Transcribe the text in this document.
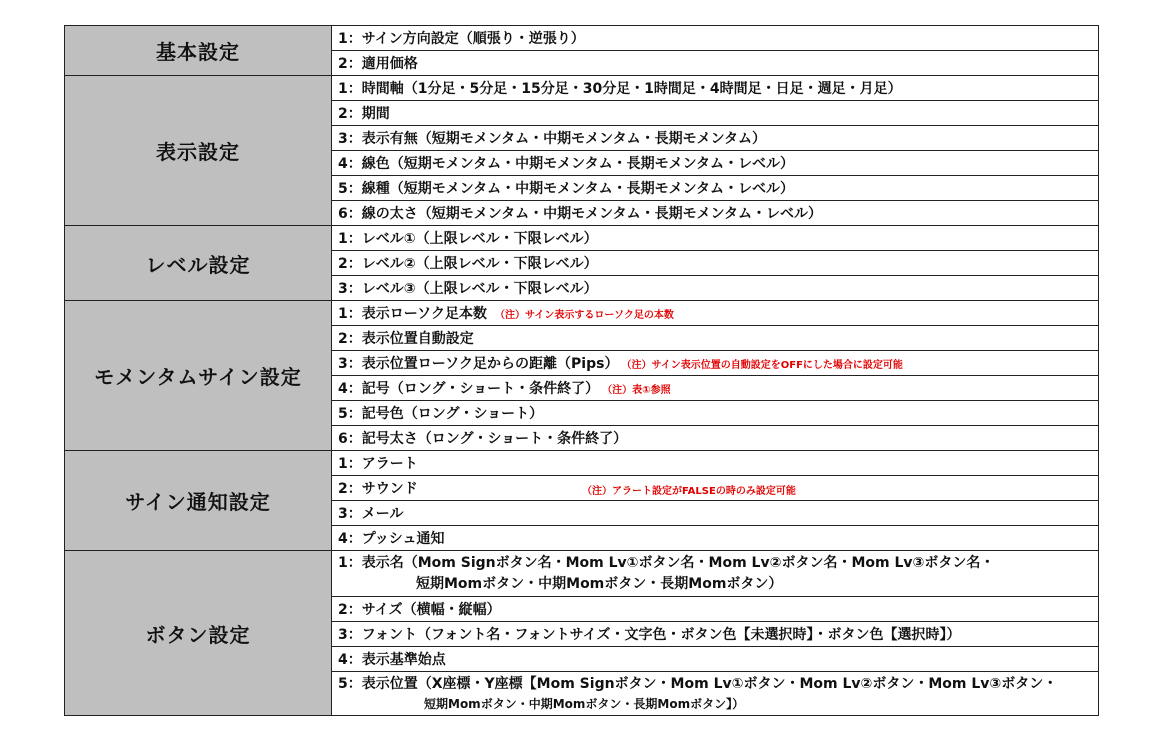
基本設定	1：サイン方向設定（順張り・逆張り）
	2：適用価格
表示設定	1：時間軸（1分足・5分足・15分足・30分足・1時間足・4時間足・日足・週足・月足）
	2：期間
	3：表示有無（短期モメンタム・中期モメンタム・長期モメンタム）
	4：線色（短期モメンタム・中期モメンタム・長期モメンタム・レベル）
	5：線種（短期モメンタム・中期モメンタム・長期モメンタム・レベル）
	6：線の太さ（短期モメンタム・中期モメンタム・長期モメンタム・レベル）
レベル設定	1：レベル①（上限レベル・下限レベル）
	2：レベル②（上限レベル・下限レベル）
	3：レベル③（上限レベル・下限レベル）
モメンタムサイン設定	1：表示ローソク足本数 （注）サイン表示するローソク足の本数
	2：表示位置自動設定
	3：表示位置ローソク足からの距離（Pips） （注）サイン表示位置の自動設定をOFFにした場合に設定可能
	4：記号（ロング・ショート・条件終了） （注）表①参照
	5：記号色（ロング・ショート）
	6：記号太さ（ロング・ショート・条件終了）
サイン通知設定	1：アラート
	2：サウンド （注）アラート設定がFALSEの時のみ設定可能

	3：メール
	4：プッシュ通知
ボタン設定	1：表示名（Mom Signボタン名・Mom Lv①ボタン名・Mom Lv②ボタン名・Mom Lv③ボタン名・
短期Momボタン・中期Momボタン・長期Momボタン）

	2：サイズ（横幅・縦幅）
	3：フォント（フォント名・フォントサイズ・文字色・ボタン色【未選択時】・ボタン色【選択時】）
	4：表示基準始点

	5：表示位置（X座標・Y座標【Mom Signボタン・Mom Lv①ボタン・Mom Lv②ボタン・Mom Lv③ボタン・
短期Momボタン・中期Momボタン・長期Momボタン】）
